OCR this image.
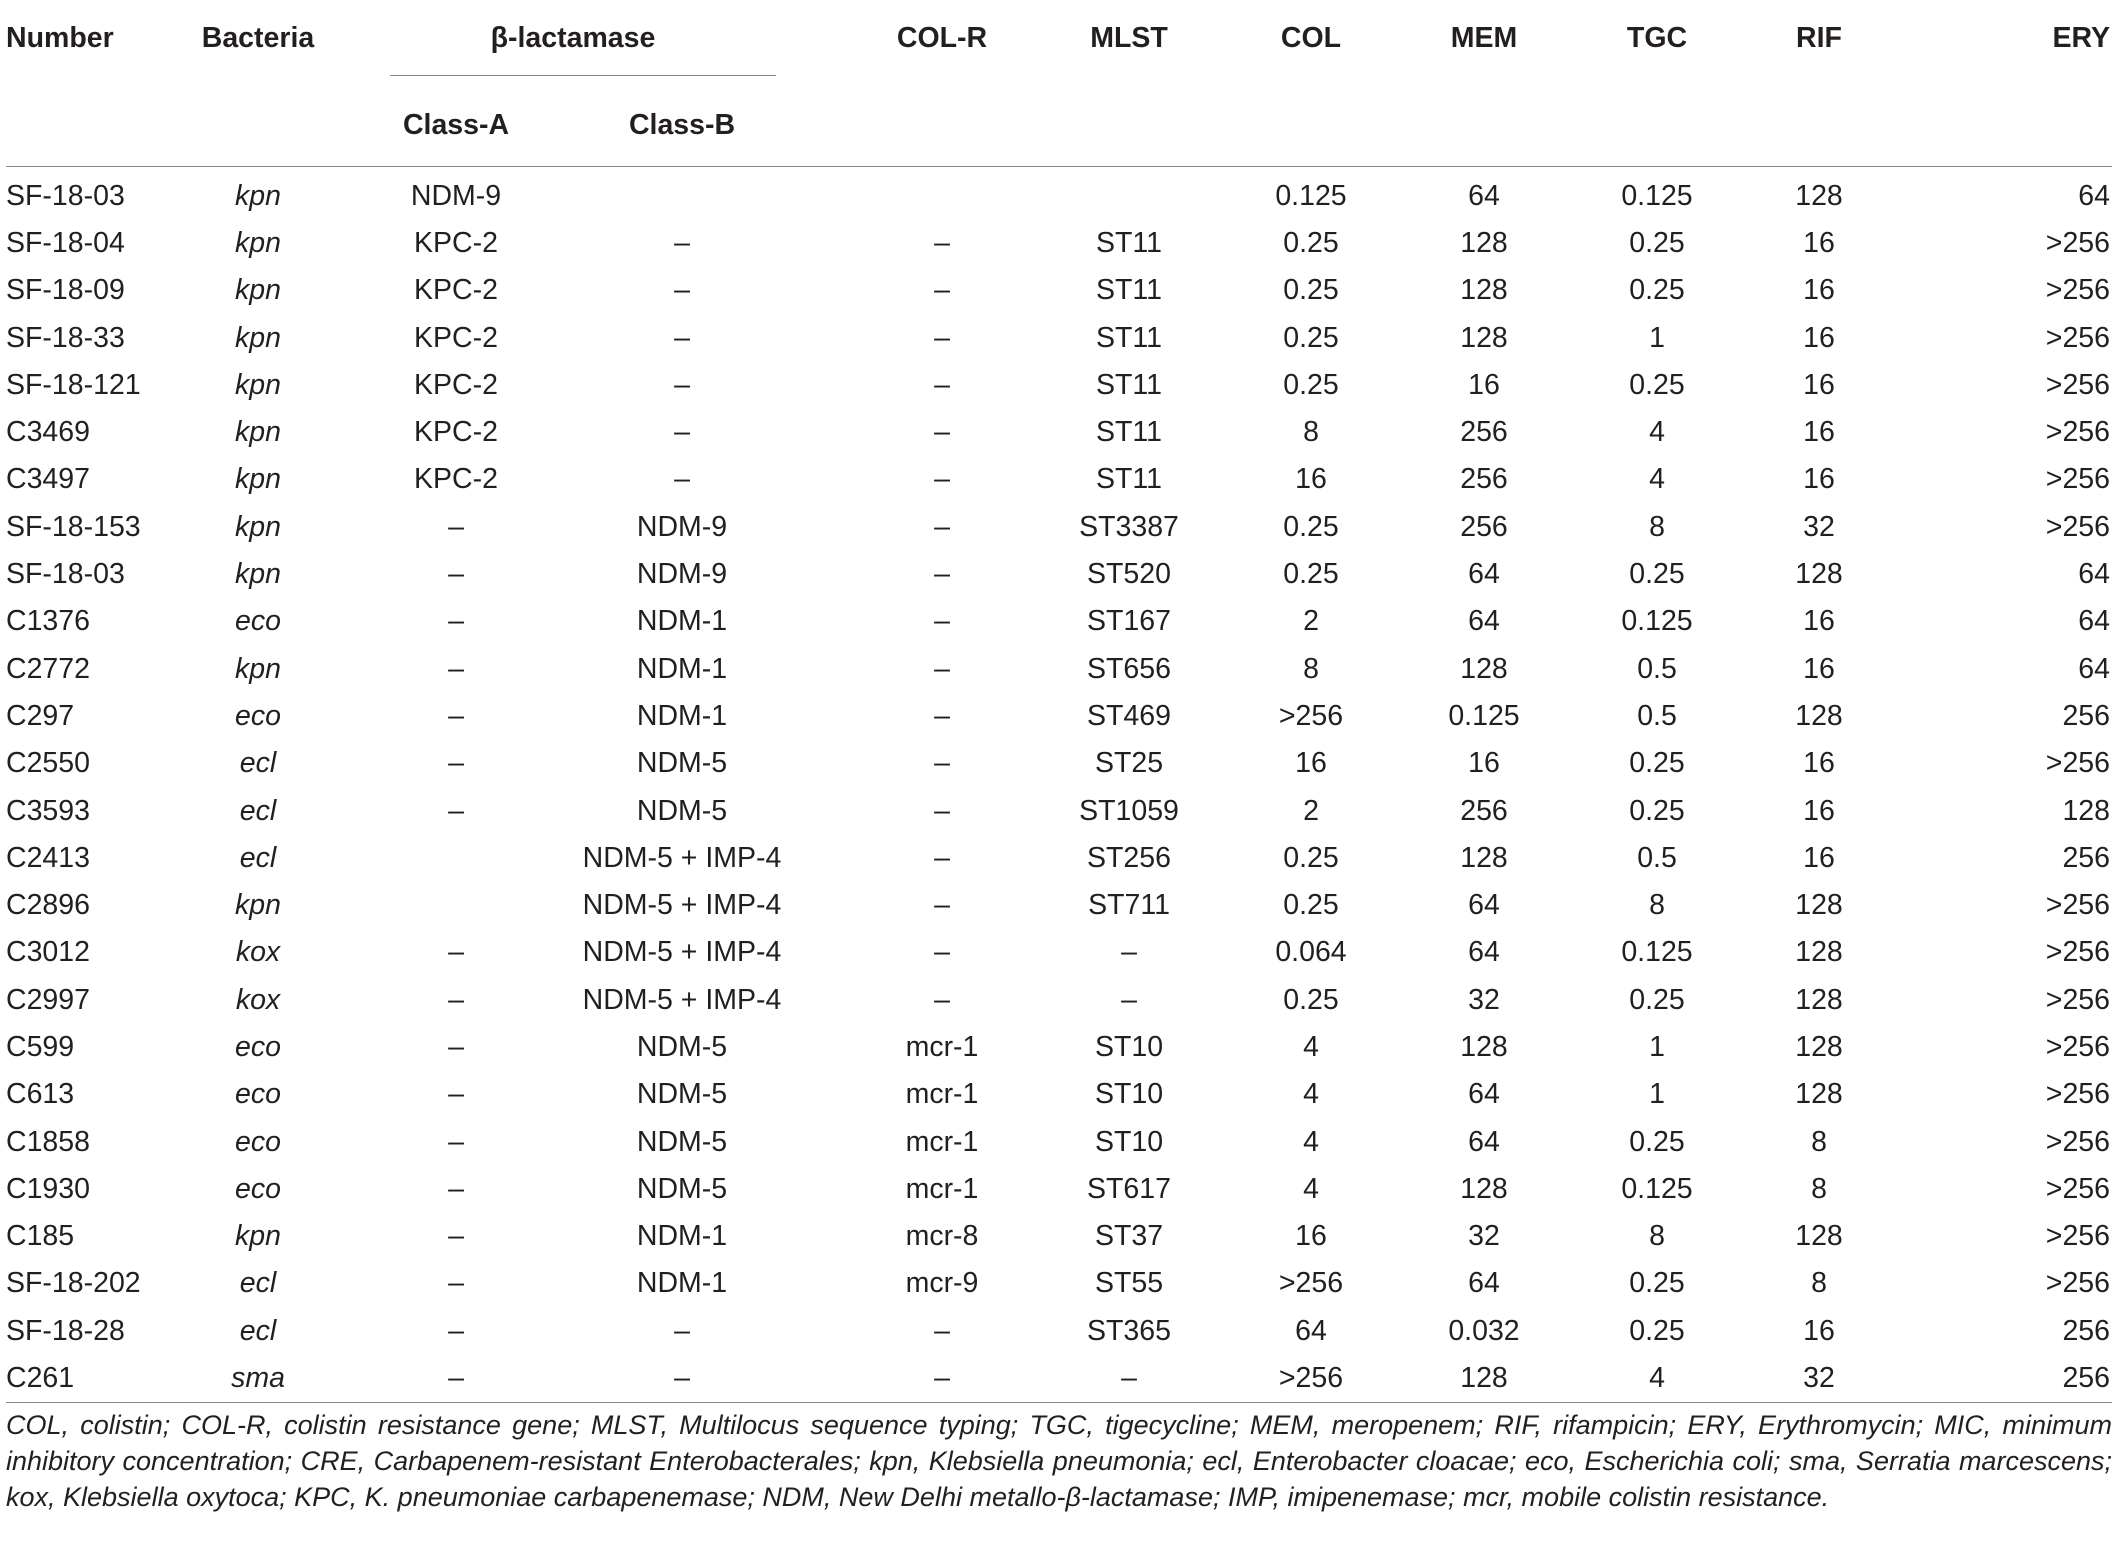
Number	Bacteria	β-lactamase		COL-R	MLST	COL	MEM	TGC	RIF	ERY
		Class-A	Class-B							
SF-18-03	kpn	NDM-9				0.125	64	0.125	128	64
SF-18-04	kpn	KPC-2	–	–	ST11	0.25	128	0.25	16	>256
SF-18-09	kpn	KPC-2	–	–	ST11	0.25	128	0.25	16	>256
SF-18-33	kpn	KPC-2	–	–	ST11	0.25	128	1	16	>256
SF-18-121	kpn	KPC-2	–	–	ST11	0.25	16	0.25	16	>256
C3469	kpn	KPC-2	–	–	ST11	8	256	4	16	>256
C3497	kpn	KPC-2	–	–	ST11	16	256	4	16	>256
SF-18-153	kpn	–	NDM-9	–	ST3387	0.25	256	8	32	>256
SF-18-03	kpn	–	NDM-9	–	ST520	0.25	64	0.25	128	64
C1376	eco	–	NDM-1	–	ST167	2	64	0.125	16	64
C2772	kpn	–	NDM-1	–	ST656	8	128	0.5	16	64
C297	eco	–	NDM-1	–	ST469	>256	0.125	0.5	128	256
C2550	ecl	–	NDM-5	–	ST25	16	16	0.25	16	>256
C3593	ecl	–	NDM-5	–	ST1059	2	256	0.25	16	128
C2413	ecl		NDM-5 + IMP-4	–	ST256	0.25	128	0.5	16	256
C2896	kpn		NDM-5 + IMP-4	–	ST711	0.25	64	8	128	>256
C3012	kox	–	NDM-5 + IMP-4	–	–	0.064	64	0.125	128	>256
C2997	kox	–	NDM-5 + IMP-4	–	–	0.25	32	0.25	128	>256
C599	eco	–	NDM-5	mcr-1	ST10	4	128	1	128	>256
C613	eco	–	NDM-5	mcr-1	ST10	4	64	1	128	>256
C1858	eco	–	NDM-5	mcr-1	ST10	4	64	0.25	8	>256
C1930	eco	–	NDM-5	mcr-1	ST617	4	128	0.125	8	>256
C185	kpn	–	NDM-1	mcr-8	ST37	16	32	8	128	>256
SF-18-202	ecl	–	NDM-1	mcr-9	ST55	>256	64	0.25	8	>256
SF-18-28	ecl	–	–	–	ST365	64	0.032	0.25	16	256
C261	sma	–	–	–	–	>256	128	4	32	256
COL, colistin; COL-R, colistin resistance gene; MLST, Multilocus sequence typing; TGC, tigecycline; MEM, meropenem; RIF, rifampicin; ERY, Erythromycin; MIC, minimum inhibitory concentration; CRE, Carbapenem-resistant Enterobacterales; kpn, Klebsiella pneumonia; ecl, Enterobacter cloacae; eco, Escherichia coli; sma, Serratia marcescens; kox, Klebsiella oxytoca; KPC, K. pneumoniae carbapenemase; NDM, New Delhi metallo-β-lactamase; IMP, imipenemase; mcr, mobile colistin resistance.
